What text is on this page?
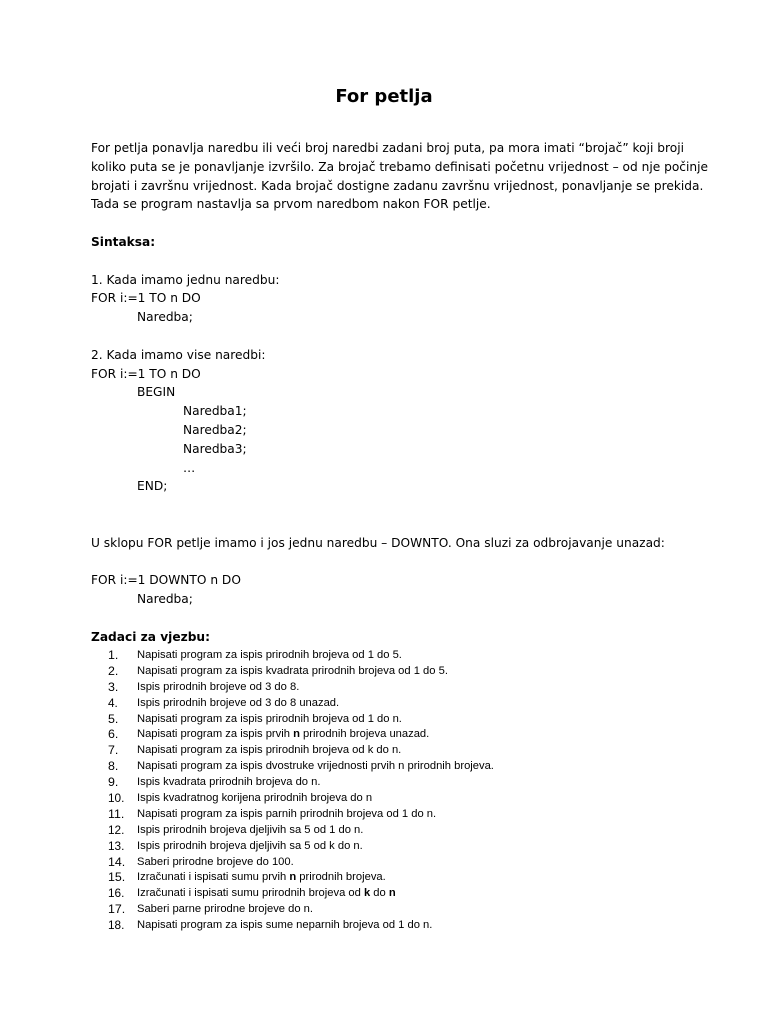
For petlja
For petlja ponavlja naredbu ili veći broj naredbi zadani broj puta, pa mora imati “brojač” koji broji
koliko puta se je ponavljanje izvršilo. Za brojač trebamo definisati početnu vrijednost – od nje počinje
brojati i završnu vrijednost. Kada brojač dostigne zadanu završnu vrijednost, ponavljanje se prekida.
Tada se program nastavlja sa prvom naredbom nakon FOR petlje.
Sintaksa:
1. Kada imamo jednu naredbu:
FOR i:=1 TO n DO
Naredba;
2. Kada imamo vise naredbi:
FOR i:=1 TO n DO
BEGIN
Naredba1;
Naredba2;
Naredba3;
…
END;
U sklopu FOR petlje imamo i jos jednu naredbu – DOWNTO. Ona sluzi za odbrojavanje unazad:
FOR i:=1 DOWNTO n DO
Naredba;
Zadaci za vjezbu:
1.	Napisati program za ispis prirodnih brojeva od 1 do 5.
2.	Napisati program za ispis kvadrata prirodnih brojeva od 1 do 5.
3.	Ispis prirodnih brojeve od 3 do 8.
4.	Ispis prirodnih brojeve od 3 do 8 unazad.
5.	Napisati program za ispis prirodnih brojeva od 1 do n.
6.	Napisati program za ispis prvih n prirodnih brojeva unazad.
7.	Napisati program za ispis prirodnih brojeva od k do n.
8.	Napisati program za ispis dvostruke vrijednosti prvih n prirodnih brojeva.
9.	Ispis kvadrata prirodnih brojeva do n.
10.	Ispis kvadratnog korijena prirodnih brojeva do n
11.	Napisati program za ispis parnih prirodnih brojeva od 1 do n.
12.	Ispis prirodnih brojeva djeljivih sa 5 od 1 do n.
13.	Ispis prirodnih brojeva djeljivih sa 5 od k do n.
14.	Saberi prirodne brojeve do 100.
15.	Izračunati i ispisati sumu prvih n prirodnih brojeva.
16.	Izračunati i ispisati sumu prirodnih brojeva od k do n
17.	Saberi parne prirodne brojeve do n.
18.	Napisati program za ispis sume neparnih brojeva od 1 do n.
